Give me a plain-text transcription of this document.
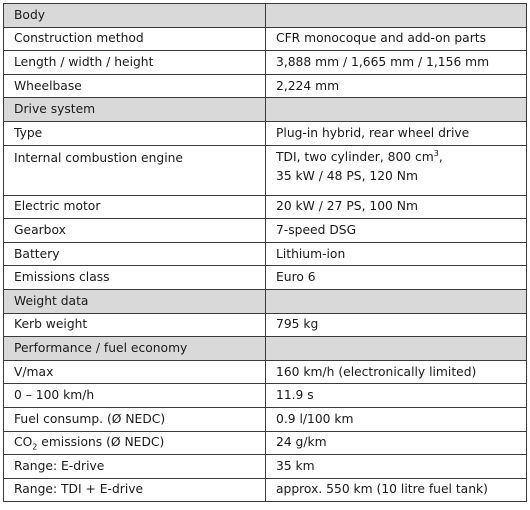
Body	
Construction method	CFR monocoque and add-on parts
Length / width / height	3,888 mm / 1,665 mm / 1,156 mm
Wheelbase	2,224 mm
Drive system	
Type	Plug-in hybrid, rear wheel drive
Internal combustion engine	TDI, two cylinder, 800 $cm^3$,
35 kW / 48 PS, 120 Nm
Electric motor	20 kW / 27 PS, 100 Nm
Gearbox	7-speed DSG
Battery	Lithium-ion
Emissions class	Euro 6
Weight data	
Kerb weight	795 kg
Performance / fuel economy	
V/max	160 km/h (electronically limited)
0 – 100 km/h	11.9 s
Fuel consump. (Ø NEDC)	0.9 l/100 km
$CO_2$ emissions (Ø NEDC)	24 g/km
Range: E-drive	35 km
Range: TDI + E-drive	approx. 550 km (10 litre fuel tank)
